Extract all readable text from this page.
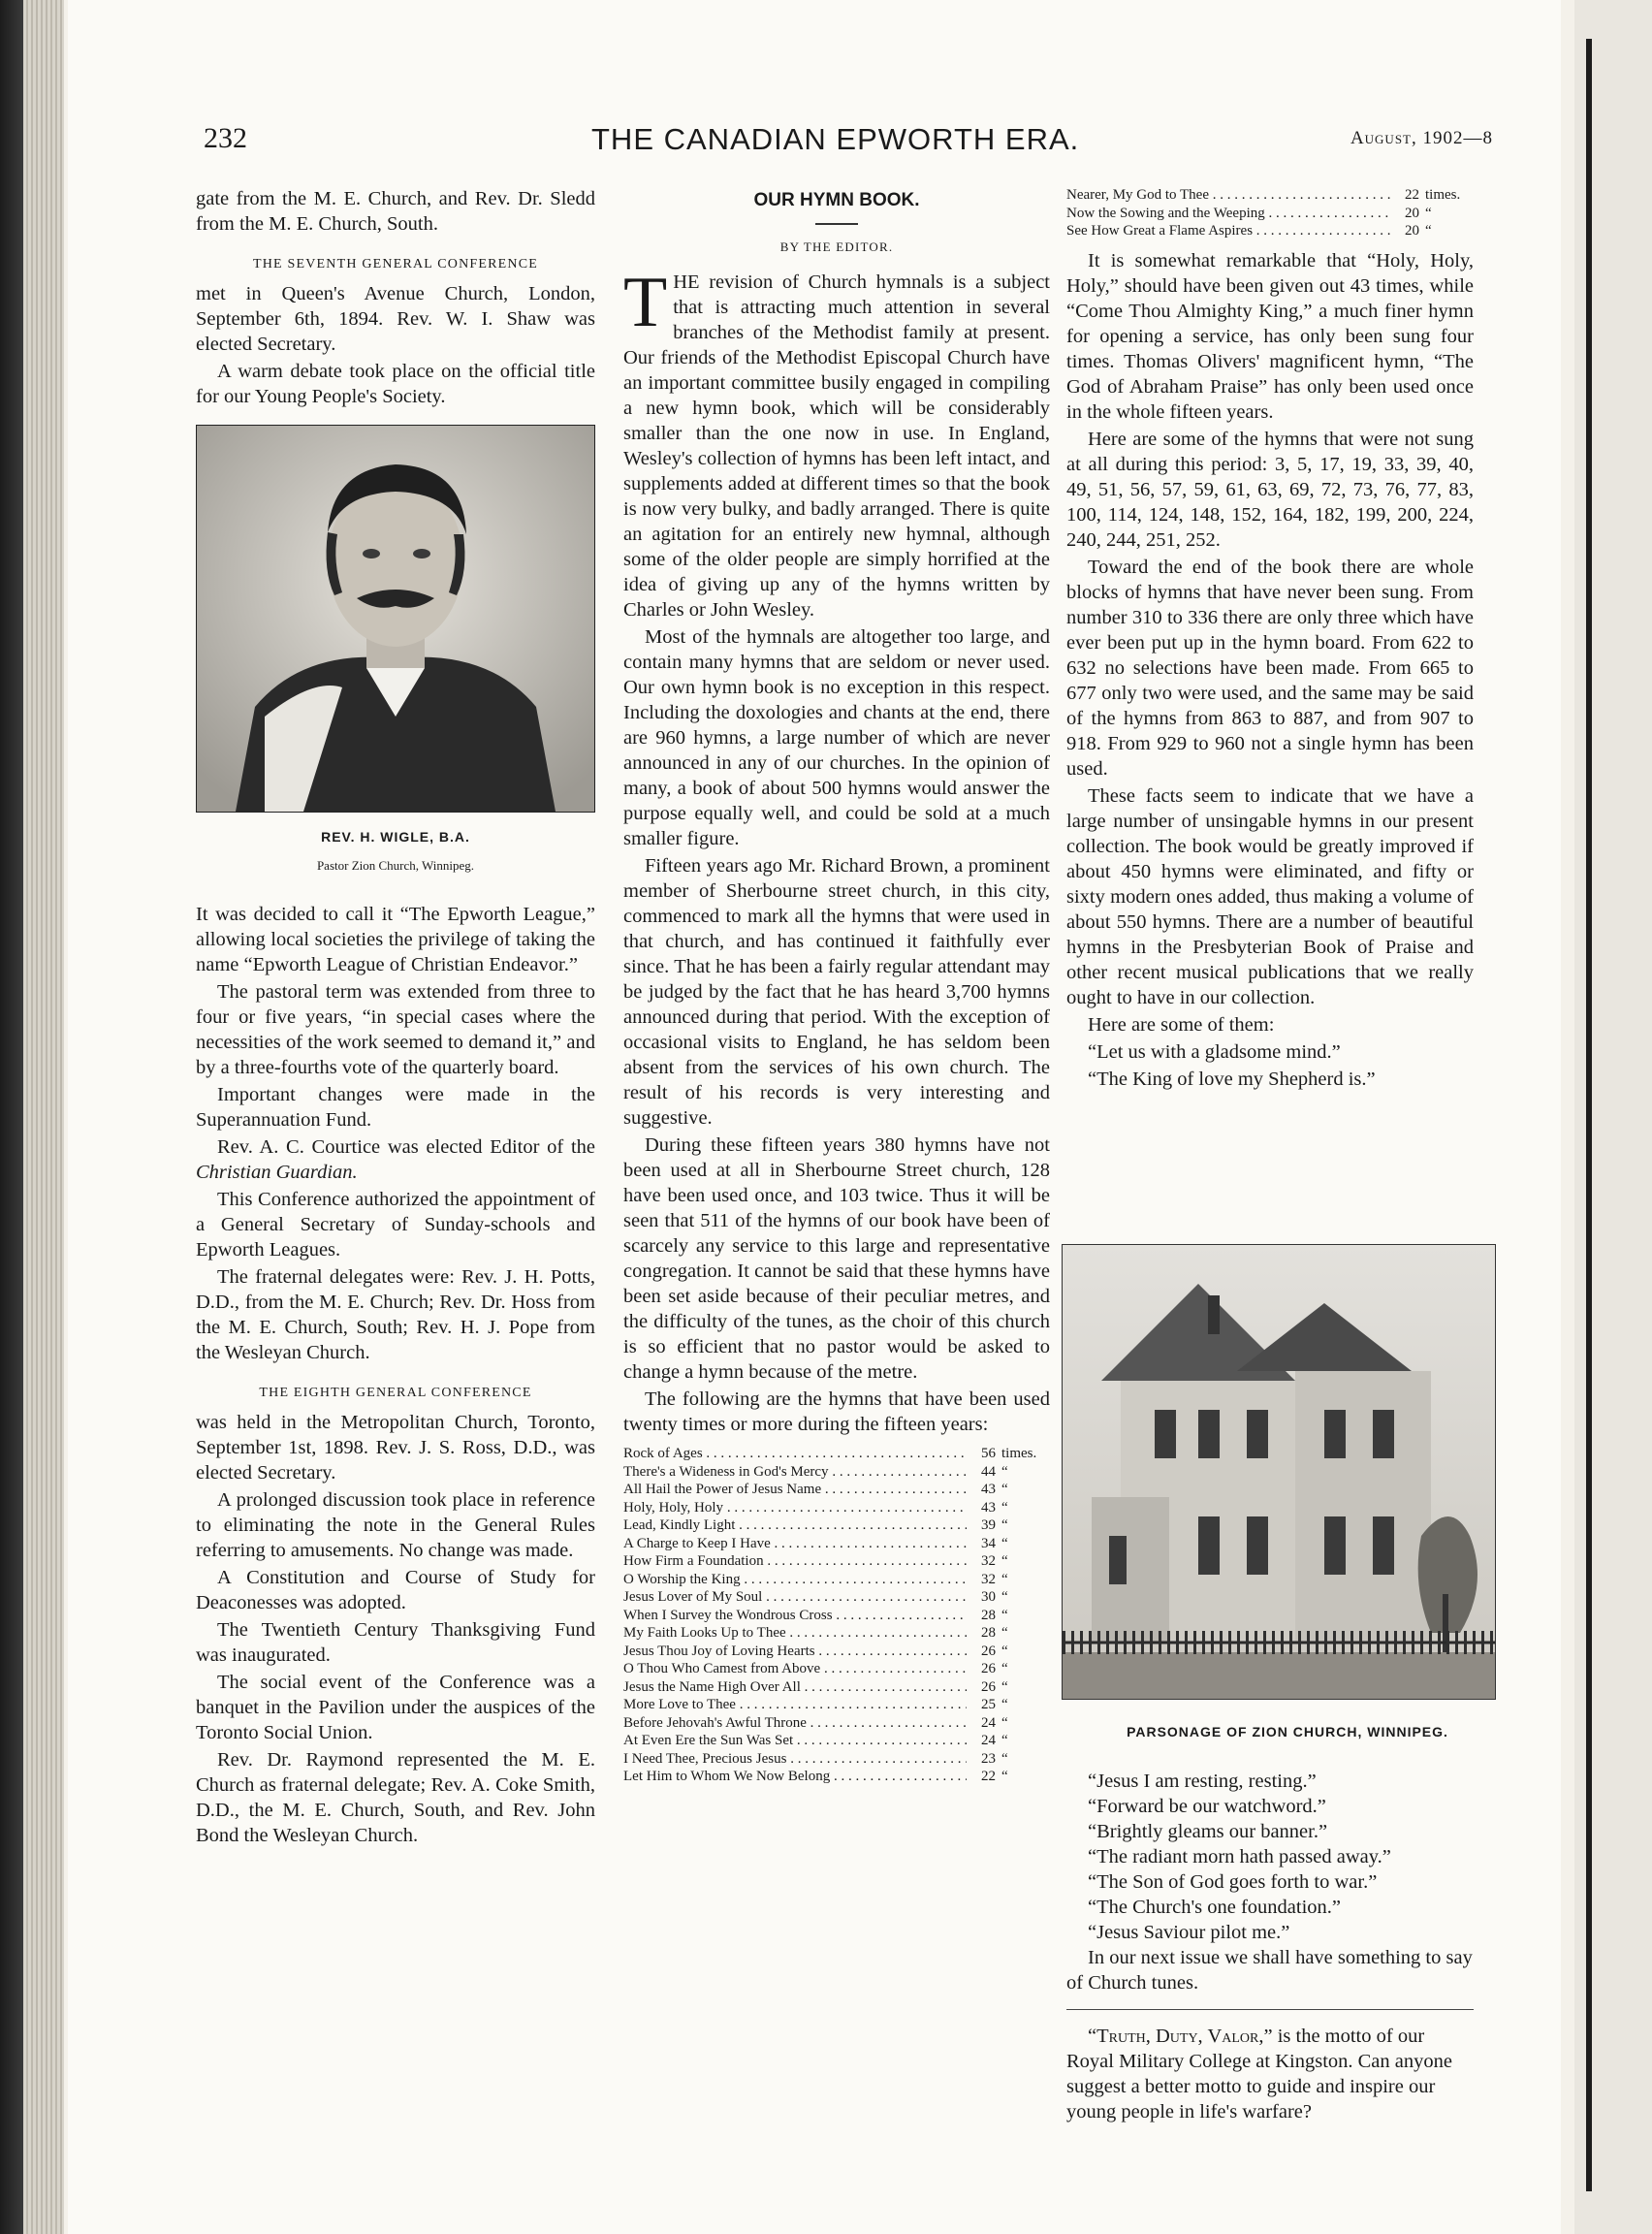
232	THE CANADIAN EPWORTH ERA.	August, 1902—8

gate from the M. E. Church, and Rev. Dr. Sledd from the M. E. Church, South.

THE SEVENTH GENERAL CONFERENCE

met in Queen's Avenue Church, London, September 6th, 1894. Rev. W. I. Shaw was elected Secretary.

A warm debate took place on the official title for our Young People's Society.

REV. H. WIGLE, B.A.
Pastor Zion Church, Winnipeg.

It was decided to call it “The Epworth League,” allowing local societies the privilege of taking the name “Epworth League of Christian Endeavor.”

The pastoral term was extended from three to four or five years, “in special cases where the necessities of the work seemed to demand it,” and by a three-fourths vote of the quarterly board.

Important changes were made in the Superannuation Fund.

Rev. A. C. Courtice was elected Editor of the Christian Guardian.

This Conference authorized the appointment of a General Secretary of Sunday-schools and Epworth Leagues.

The fraternal delegates were: Rev. J. H. Potts, D.D., from the M. E. Church; Rev. Dr. Hoss from the M. E. Church, South; Rev. H. J. Pope from the Wesleyan Church.

THE EIGHTH GENERAL CONFERENCE

was held in the Metropolitan Church, Toronto, September 1st, 1898. Rev. J. S. Ross, D.D., was elected Secretary.

A prolonged discussion took place in reference to eliminating the note in the General Rules referring to amusements. No change was made.

A Constitution and Course of Study for Deaconesses was adopted.

The Twentieth Century Thanksgiving Fund was inaugurated.

The social event of the Conference was a banquet in the Pavilion under the auspices of the Toronto Social Union.

Rev. Dr. Raymond represented the M. E. Church as fraternal delegate; Rev. A. Coke Smith, D.D., the M. E. Church, South, and Rev. John Bond the Wesleyan Church.

OUR HYMN BOOK.
BY THE EDITOR.

THE revision of Church hymnals is a subject that is attracting much attention in several branches of the Methodist family at present. Our friends of the Methodist Episcopal Church have an important committee busily engaged in compiling a new hymn book, which will be considerably smaller than the one now in use. In England, Wesley's collection of hymns has been left intact, and supplements added at different times so that the book is now very bulky, and badly arranged. There is quite an agitation for an entirely new hymnal, although some of the older people are simply horrified at the idea of giving up any of the hymns written by Charles or John Wesley.

Most of the hymnals are altogether too large, and contain many hymns that are seldom or never used. Our own hymn book is no exception in this respect. Including the doxologies and chants at the end, there are 960 hymns, a large number of which are never announced in any of our churches. In the opinion of many, a book of about 500 hymns would answer the purpose equally well, and could be sold at a much smaller figure.

Fifteen years ago Mr. Richard Brown, a prominent member of Sherbourne street church, in this city, commenced to mark all the hymns that were used in that church, and has continued it faithfully ever since. That he has been a fairly regular attendant may be judged by the fact that he has heard 3,700 hymns announced during that period. With the exception of occasional visits to England, he has seldom been absent from the services of his own church. The result of his records is very interesting and suggestive.

During these fifteen years 380 hymns have not been used at all in Sherbourne Street church, 128 have been used once, and 103 twice. Thus it will be seen that 511 of the hymns of our book have been of scarcely any service to this large and representative congregation. It cannot be said that these hymns have been set aside because of their peculiar metres, and the difficulty of the tunes, as the choir of this church is so efficient that no pastor would be asked to change a hymn because of the metre.

The following are the hymns that have been used twenty times or more during the fifteen years:

Rock of Ages . . .	56	times.
There's a Wideness in God's Mercy . . .	44	“
All Hail the Power of Jesus Name . . .	43	“
Holy, Holy, Holy . . .	43	“
Lead, Kindly Light . . .	39	“
A Charge to Keep I Have . . .	34	“
How Firm a Foundation . . .	32	“
O Worship the King . . .	32	“
Jesus Lover of My Soul . . .	30	“
When I Survey the Wondrous Cross . . .	28	“
My Faith Looks Up to Thee . . .	28	“
Jesus Thou Joy of Loving Hearts . . .	26	“
O Thou Who Camest from Above . . .	26	“
Jesus the Name High Over All . . .	26	“
More Love to Thee . . .	25	“
Before Jehovah's Awful Throne . . .	24	“
At Even Ere the Sun Was Set . . .	24	“
I Need Thee, Precious Jesus . . .	23	“
Let Him to Whom We Now Belong . . .	22	“
Nearer, My God to Thee . . .	22	times.
Now the Sowing and the Weeping . . .	20	“
See How Great a Flame Aspires . . .	20	“

It is somewhat remarkable that “Holy, Holy, Holy,” should have been given out 43 times, while “Come Thou Almighty King,” a much finer hymn for opening a service, has only been sung four times. Thomas Olivers' magnificent hymn, “The God of Abraham Praise” has only been used once in the whole fifteen years.

Here are some of the hymns that were not sung at all during this period: 3, 5, 17, 19, 33, 39, 40, 49, 51, 56, 57, 59, 61, 63, 69, 72, 73, 76, 77, 83, 100, 114, 124, 148, 152, 164, 182, 199, 200, 224, 240, 244, 251, 252.

Toward the end of the book there are whole blocks of hymns that have never been sung. From number 310 to 336 there are only three which have ever been put up in the hymn board. From 622 to 632 no selections have been made. From 665 to 677 only two were used, and the same may be said of the hymns from 863 to 887, and from 907 to 918. From 929 to 960 not a single hymn has been used.

These facts seem to indicate that we have a large number of unsingable hymns in our present collection. The book would be greatly improved if about 450 hymns were eliminated, and fifty or sixty modern ones added, thus making a volume of about 550 hymns. There are a number of beautiful hymns in the Presbyterian Book of Praise and other recent musical publications that we really ought to have in our collection.

Here are some of them:

“Let us with a gladsome mind.”

“The King of love my Shepherd is.”

PARSONAGE OF ZION CHURCH, WINNIPEG.

“Jesus I am resting, resting.”

“Forward be our watchword.”

“Brightly gleams our banner.”

“The radiant morn hath passed away.”

“The Son of God goes forth to war.”

“The Church's one foundation.”

“Jesus Saviour pilot me.”

In our next issue we shall have something to say of Church tunes.

“Truth, Duty, Valor,” is the motto of our Royal Military College at Kingston. Can anyone suggest a better motto to guide and inspire our young people in life's warfare?
